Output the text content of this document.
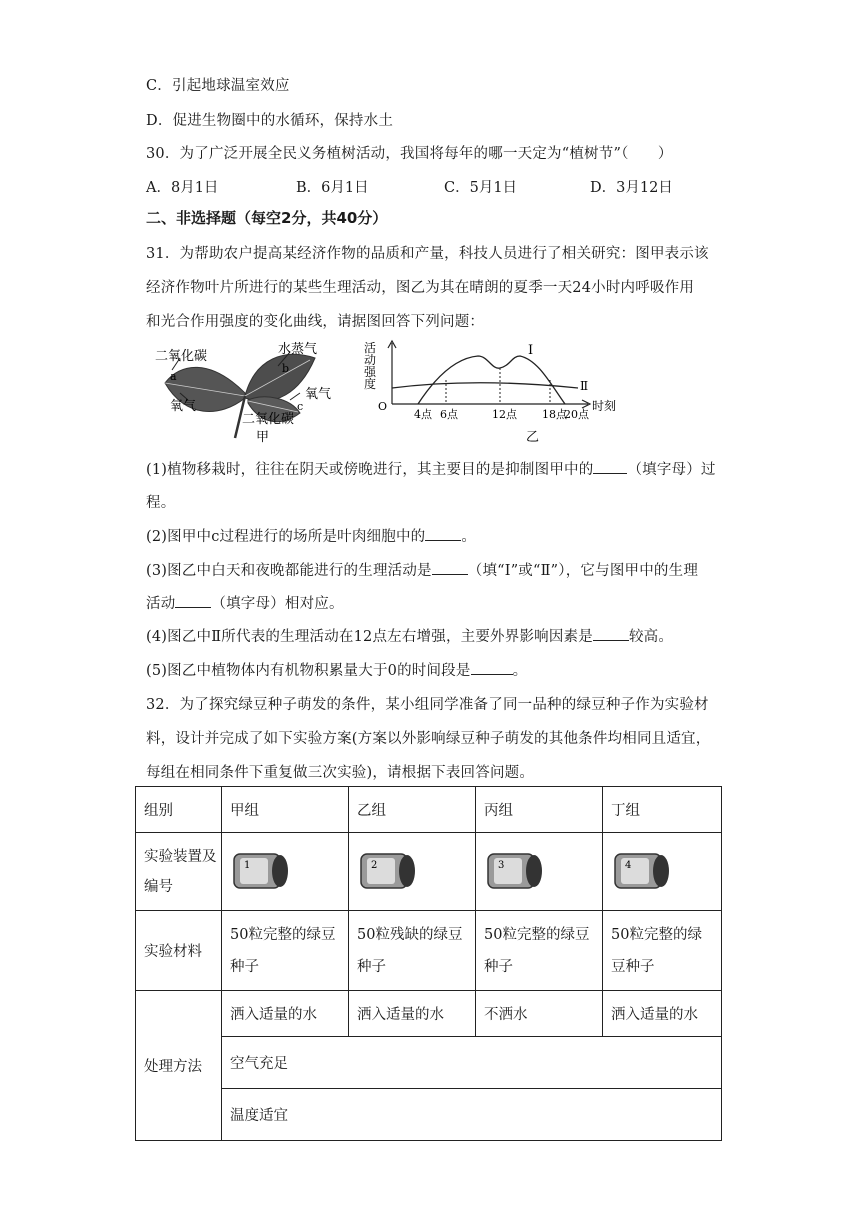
C．引起地球温室效应
D．促进生物圈中的水循环，保持水土
30．为了广泛开展全民义务植树活动，我国将每年的哪一天定为“植树节”（　　）
A．8月1日	B．6月1日	C．5月1日	D．3月12日
二、非选择题（每空2分，共40分）
31．为帮助农户提高某经济作物的品质和产量，科技人员进行了相关研究：图甲表示该
经济作物叶片所进行的某些生理活动，图乙为其在晴朗的夏季一天24小时内呼吸作用
和光合作用强度的变化曲线，请据图回答下列问题：
二氧化碳
a
水蒸气
b
氧气
氧气
c
二氧化碳
甲
活
动
强
度
O
I
Ⅱ
时刻
4点 6点	12点 18点
20点
乙
(1)植物移栽时，往往在阴天或傍晚进行，其主要目的是抑制图甲中的 （填字母）过
程。
(2)图甲中c过程进行的场所是叶肉细胞中的 。
(3)图乙中白天和夜晚都能进行的生理活动是 （填“I”或“Ⅱ”），它与图甲中的生理
活动 （填字母）相对应。
(4)图乙中Ⅱ所代表的生理活动在12点左右增强，主要外界影响因素是 较高。
(5)图乙中植物体内有机物积累量大于0的时间段是	。
32．为了探究绿豆种子萌发的条件，某小组同学准备了同一品种的绿豆种子作为实验材
料，设计并完成了如下实验方案(方案以外影响绿豆种子萌发的其他条件均相同且适宜，
每组在相同条件下重复做三次实验)，请根据下表回答问题。
组别	甲组	乙组	丙组	丁组
实验装置及编号	1	2	3	4

实验材料	50粒完整的绿豆种子	50粒残缺的绿豆种子	50粒完整的绿豆种子	50粒完整的绿豆种子
处理方法	洒入适量的水	洒入适量的水	不洒水	洒入适量的水
	空气充足			
	温度适宜			
